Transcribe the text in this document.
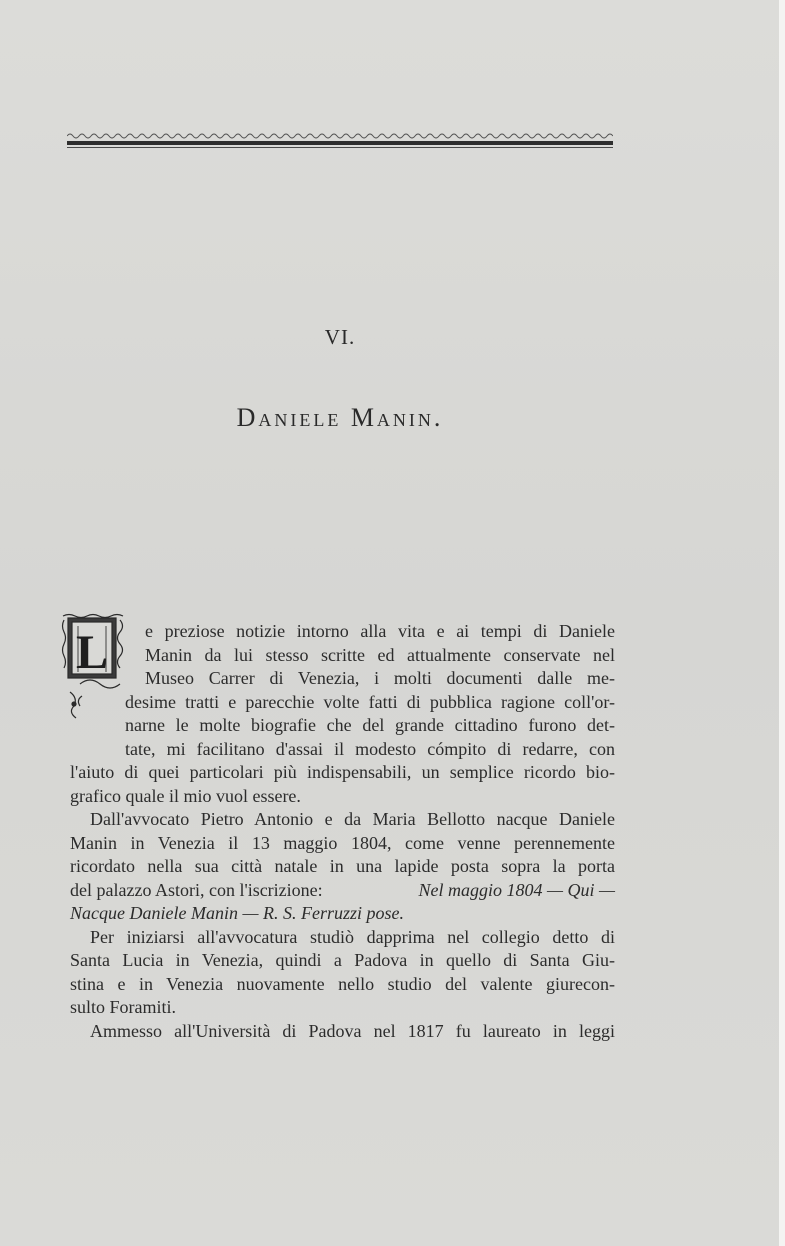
VI.
Daniele Manin.
L e preziose notizie intorno alla vita e ai tempi di Daniele
Manin da lui stesso scritte ed attualmente conservate nel
Museo Carrer di Venezia, i molti documenti dalle me-
desime tratti e parecchie volte fatti di pubblica ragione coll'or-
narne le molte biografie che del grande cittadino furono det-
tate, mi facilitano d'assai il modesto cómpito di redarre, con
l'aiuto di quei particolari più indispensabili, un semplice ricordo bio-
grafico quale il mio vuol essere.
Dall'avvocato Pietro Antonio e da Maria Bellotto nacque Daniele
Manin in Venezia il 13 maggio 1804, come venne perennemente
ricordato nella sua città natale in una lapide posta sopra la porta
del palazzo Astori, con l'iscrizione:	Nel maggio 1804 — Qui —
Nacque Daniele Manin — R. S. Ferruzzi pose.
Per iniziarsi all'avvocatura studiò dapprima nel collegio detto di
Santa Lucia in Venezia, quindi a Padova in quello di Santa Giu-
stina e in Venezia nuovamente nello studio del valente giurecon-
sulto Foramiti.
Ammesso all'Università di Padova nel 1817 fu laureato in leggi
